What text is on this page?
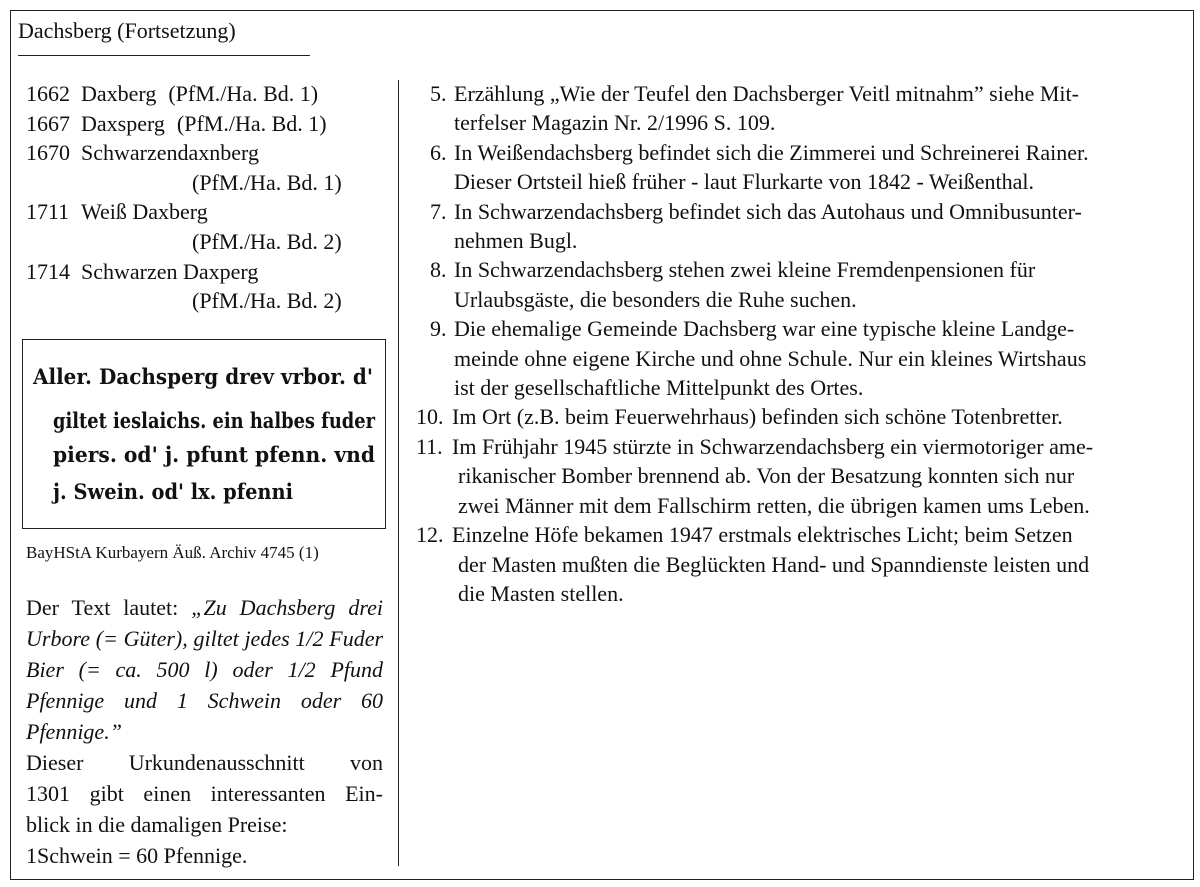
Dachsberg (Fortsetzung)
1662 Daxberg (PfM./Ha. Bd. 1)
1667 Daxsperg (PfM./Ha. Bd. 1)
1670 Schwarzendaxnberg
(PfM./Ha. Bd. 1)
1711 Weiß Daxberg
(PfM./Ha. Bd. 2)
1714 Schwarzen Daxperg
(PfM./Ha. Bd. 2)
Aller. Dachsperg drev vrbor. d'
giltet ieslaichs. ein halbes fuder
piers. od' j. pfunt pfenn. vnd
j. Swein. od' lx. pfenni
BayHStA Kurbayern Äuß. Archiv 4745 (1)
Der Text lautet: „Zu Dachsberg drei Urbore (= Güter), giltet jedes 1/2 Fuder Bier (= ca. 500 l) oder 1/2 Pfund Pfennige und 1 Schwein oder 60 Pfennige.”
Dieser Urkundenausschnitt von
1301 gibt einen interessanten Ein-
blick in die damaligen Preise:
1Schwein = 60 Pfennige.
5. Erzählung „Wie der Teufel den Dachsberger Veitl mitnahm” siehe Mit-
terfelser Magazin Nr. 2/1996 S. 109.
6. In Weißendachsberg befindet sich die Zimmerei und Schreinerei Rainer.
Dieser Ortsteil hieß früher - laut Flurkarte von 1842 - Weißenthal.
7. In Schwarzendachsberg befindet sich das Autohaus und Omnibusunter-
nehmen Bugl.
8. In Schwarzendachsberg stehen zwei kleine Fremdenpensionen für
Urlaubsgäste, die besonders die Ruhe suchen.
9. Die ehemalige Gemeinde Dachsberg war eine typische kleine Landge-
meinde ohne eigene Kirche und ohne Schule. Nur ein kleines Wirtshaus
ist der gesellschaftliche Mittelpunkt des Ortes.
10. Im Ort (z.B. beim Feuerwehrhaus) befinden sich schöne Totenbretter.
11. Im Frühjahr 1945 stürzte in Schwarzendachsberg ein viermotoriger ame-
rikanischer Bomber brennend ab. Von der Besatzung konnten sich nur
zwei Männer mit dem Fallschirm retten, die übrigen kamen ums Leben.
12. Einzelne Höfe bekamen 1947 erstmals elektrisches Licht; beim Setzen
der Masten mußten die Beglückten Hand- und Spanndienste leisten und
die Masten stellen.
